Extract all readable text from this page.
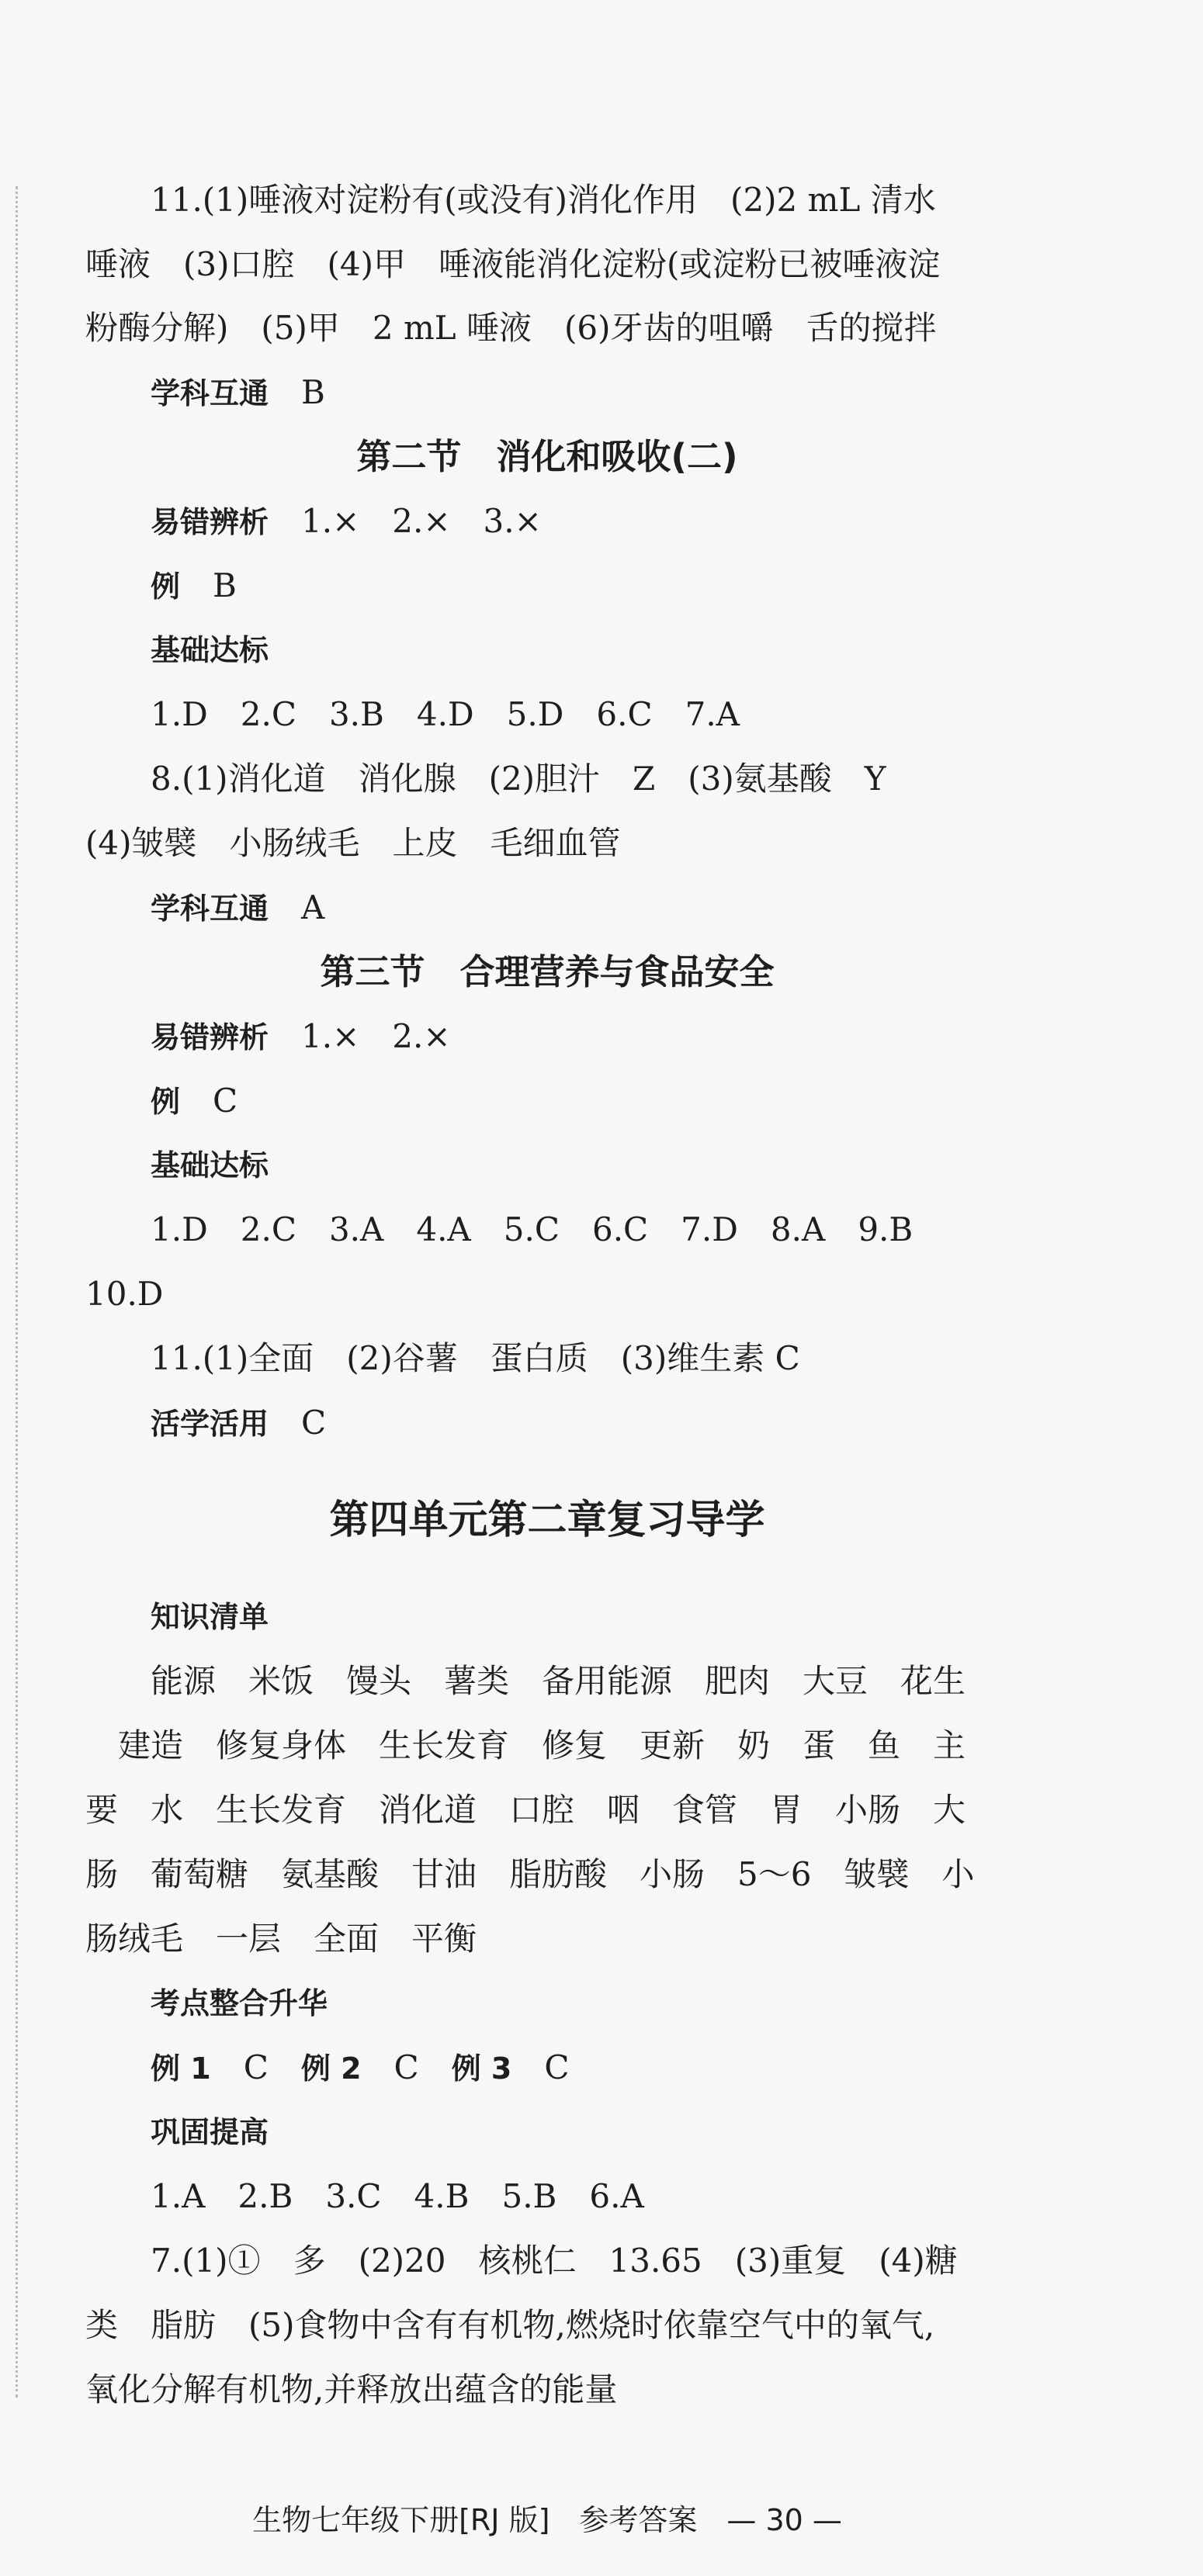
11.(1)唾液对淀粉有(或没有)消化作用　(2)2 mL 清水
唾液　(3)口腔　(4)甲　唾液能消化淀粉(或淀粉已被唾液淀
粉酶分解)　(5)甲　2 mL 唾液　(6)牙齿的咀嚼　舌的搅拌
学科互通　 B
第二节　消化和吸收(二)
易错辨析　 1.×　2.×　3.×
例　 B
基础达标
1.D　2.C　3.B　4.D　5.D　6.C　7.A
8.(1)消化道　消化腺　(2)胆汁　Z　(3)氨基酸　Y
(4)皱襞　小肠绒毛　上皮　毛细血管
学科互通　 A
第三节　合理营养与食品安全
易错辨析　 1.×　2.×
例　 C
基础达标
1.D　2.C　3.A　4.A　5.C　6.C　7.D　8.A　9.B
10.D
11.(1)全面　(2)谷薯　蛋白质　(3)维生素 C
活学活用　 C
第四单元第二章复习导学
知识清单
能源　米饭　馒头　薯类　备用能源　肥肉　大豆　花生
建造　修复身体　生长发育　修复　更新　奶　蛋　鱼　主
要　水　生长发育　消化道　口腔　咽　食管　胃　小肠　大
肠　葡萄糖　氨基酸　甘油　脂肪酸　小肠　5～6　皱襞　小
肠绒毛　一层　全面　平衡
考点整合升华
例 1　 C　 例 2　 C　 例 3　 C
巩固提高
1.A　2.B　3.C　4.B　5.B　6.A
7.(1)①　多　(2)20　核桃仁　13.65　(3)重复　(4)糖
类　脂肪　(5)食物中含有有机物,燃烧时依靠空气中的氧气,
氧化分解有机物,并释放出蕴含的能量
生物七年级下册[RJ 版]　参考答案　— 30 —
